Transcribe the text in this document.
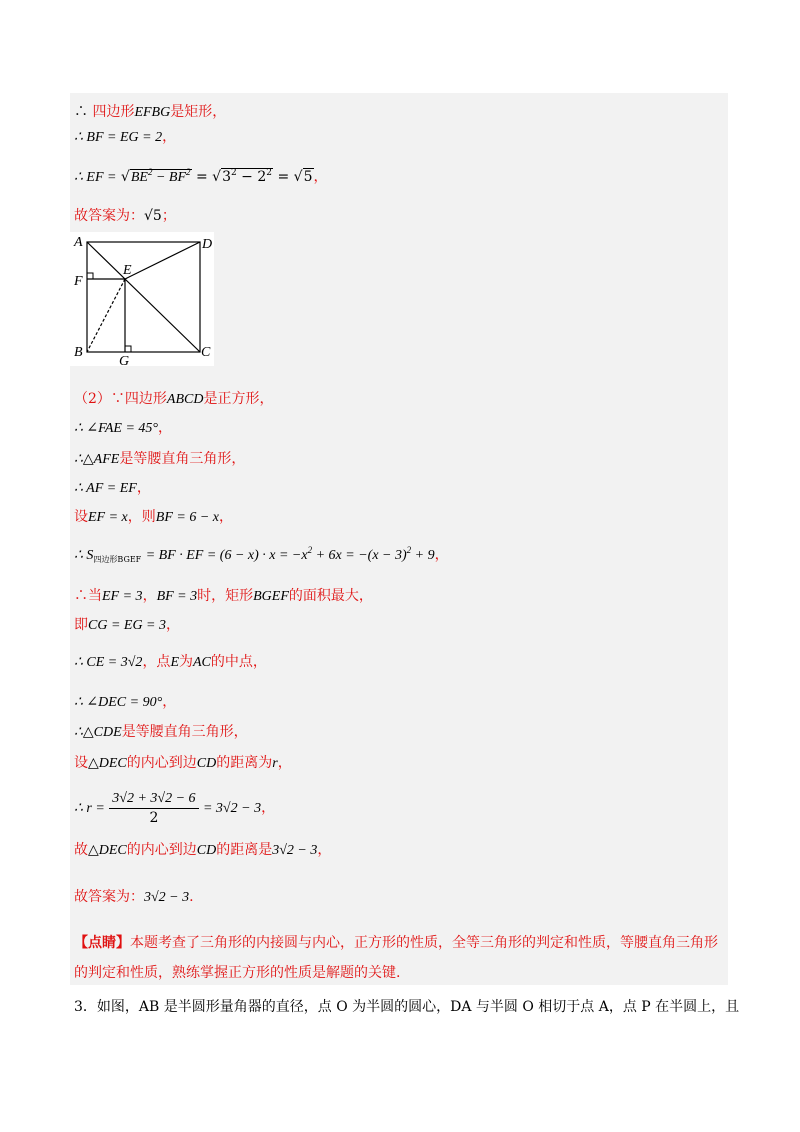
∴ 四边形EFBG是矩形，
∴ BF = EG = 2，
∴ EF = $√BE^2 - BF^2 = √3^2 - 2^2 = √5$，
故答案为：√5；
A	D
F
E
B
G
C
（2）∵四边形ABCD是正方形，
∴ ∠FAE = 45°，
∴△AFE是等腰直角三角形，
∴ AF = EF，
设EF = x，则BF = 6 − x，
∴ $S_{四边形BGEF}$ = BF · EF = $(6 - x) \cdot x = -x^2 + 6x = -(x - 3)^2 + 9$，
∴当EF = 3，BF = 3时，矩形BGEF的面积最大，
即CG = EG = 3，
∴ CE = 3√2，点E为AC的中点，
∴ ∠DEC = 90°，
∴△CDE是等腰直角三角形，
设△DEC的内心到边CD的距离为r，
∴ $r = \frac{3√2 + 3√2 - 6}{2} = 3√2 - 3$，
故△DEC的内心到边CD的距离是3√2 − 3，
故答案为：3√2 − 3.
【点睛】本题考查了三角形的内接圆与内心，正方形的性质，全等三角形的判定和性质，等腰直角三角形的判定和性质，熟练掌握正方形的性质是解题的关键.
3．如图，AB 是半圆形量角器的直径，点 O 为半圆的圆心，DA 与半圆 O 相切于点 A，点 P 在半圆上，且
